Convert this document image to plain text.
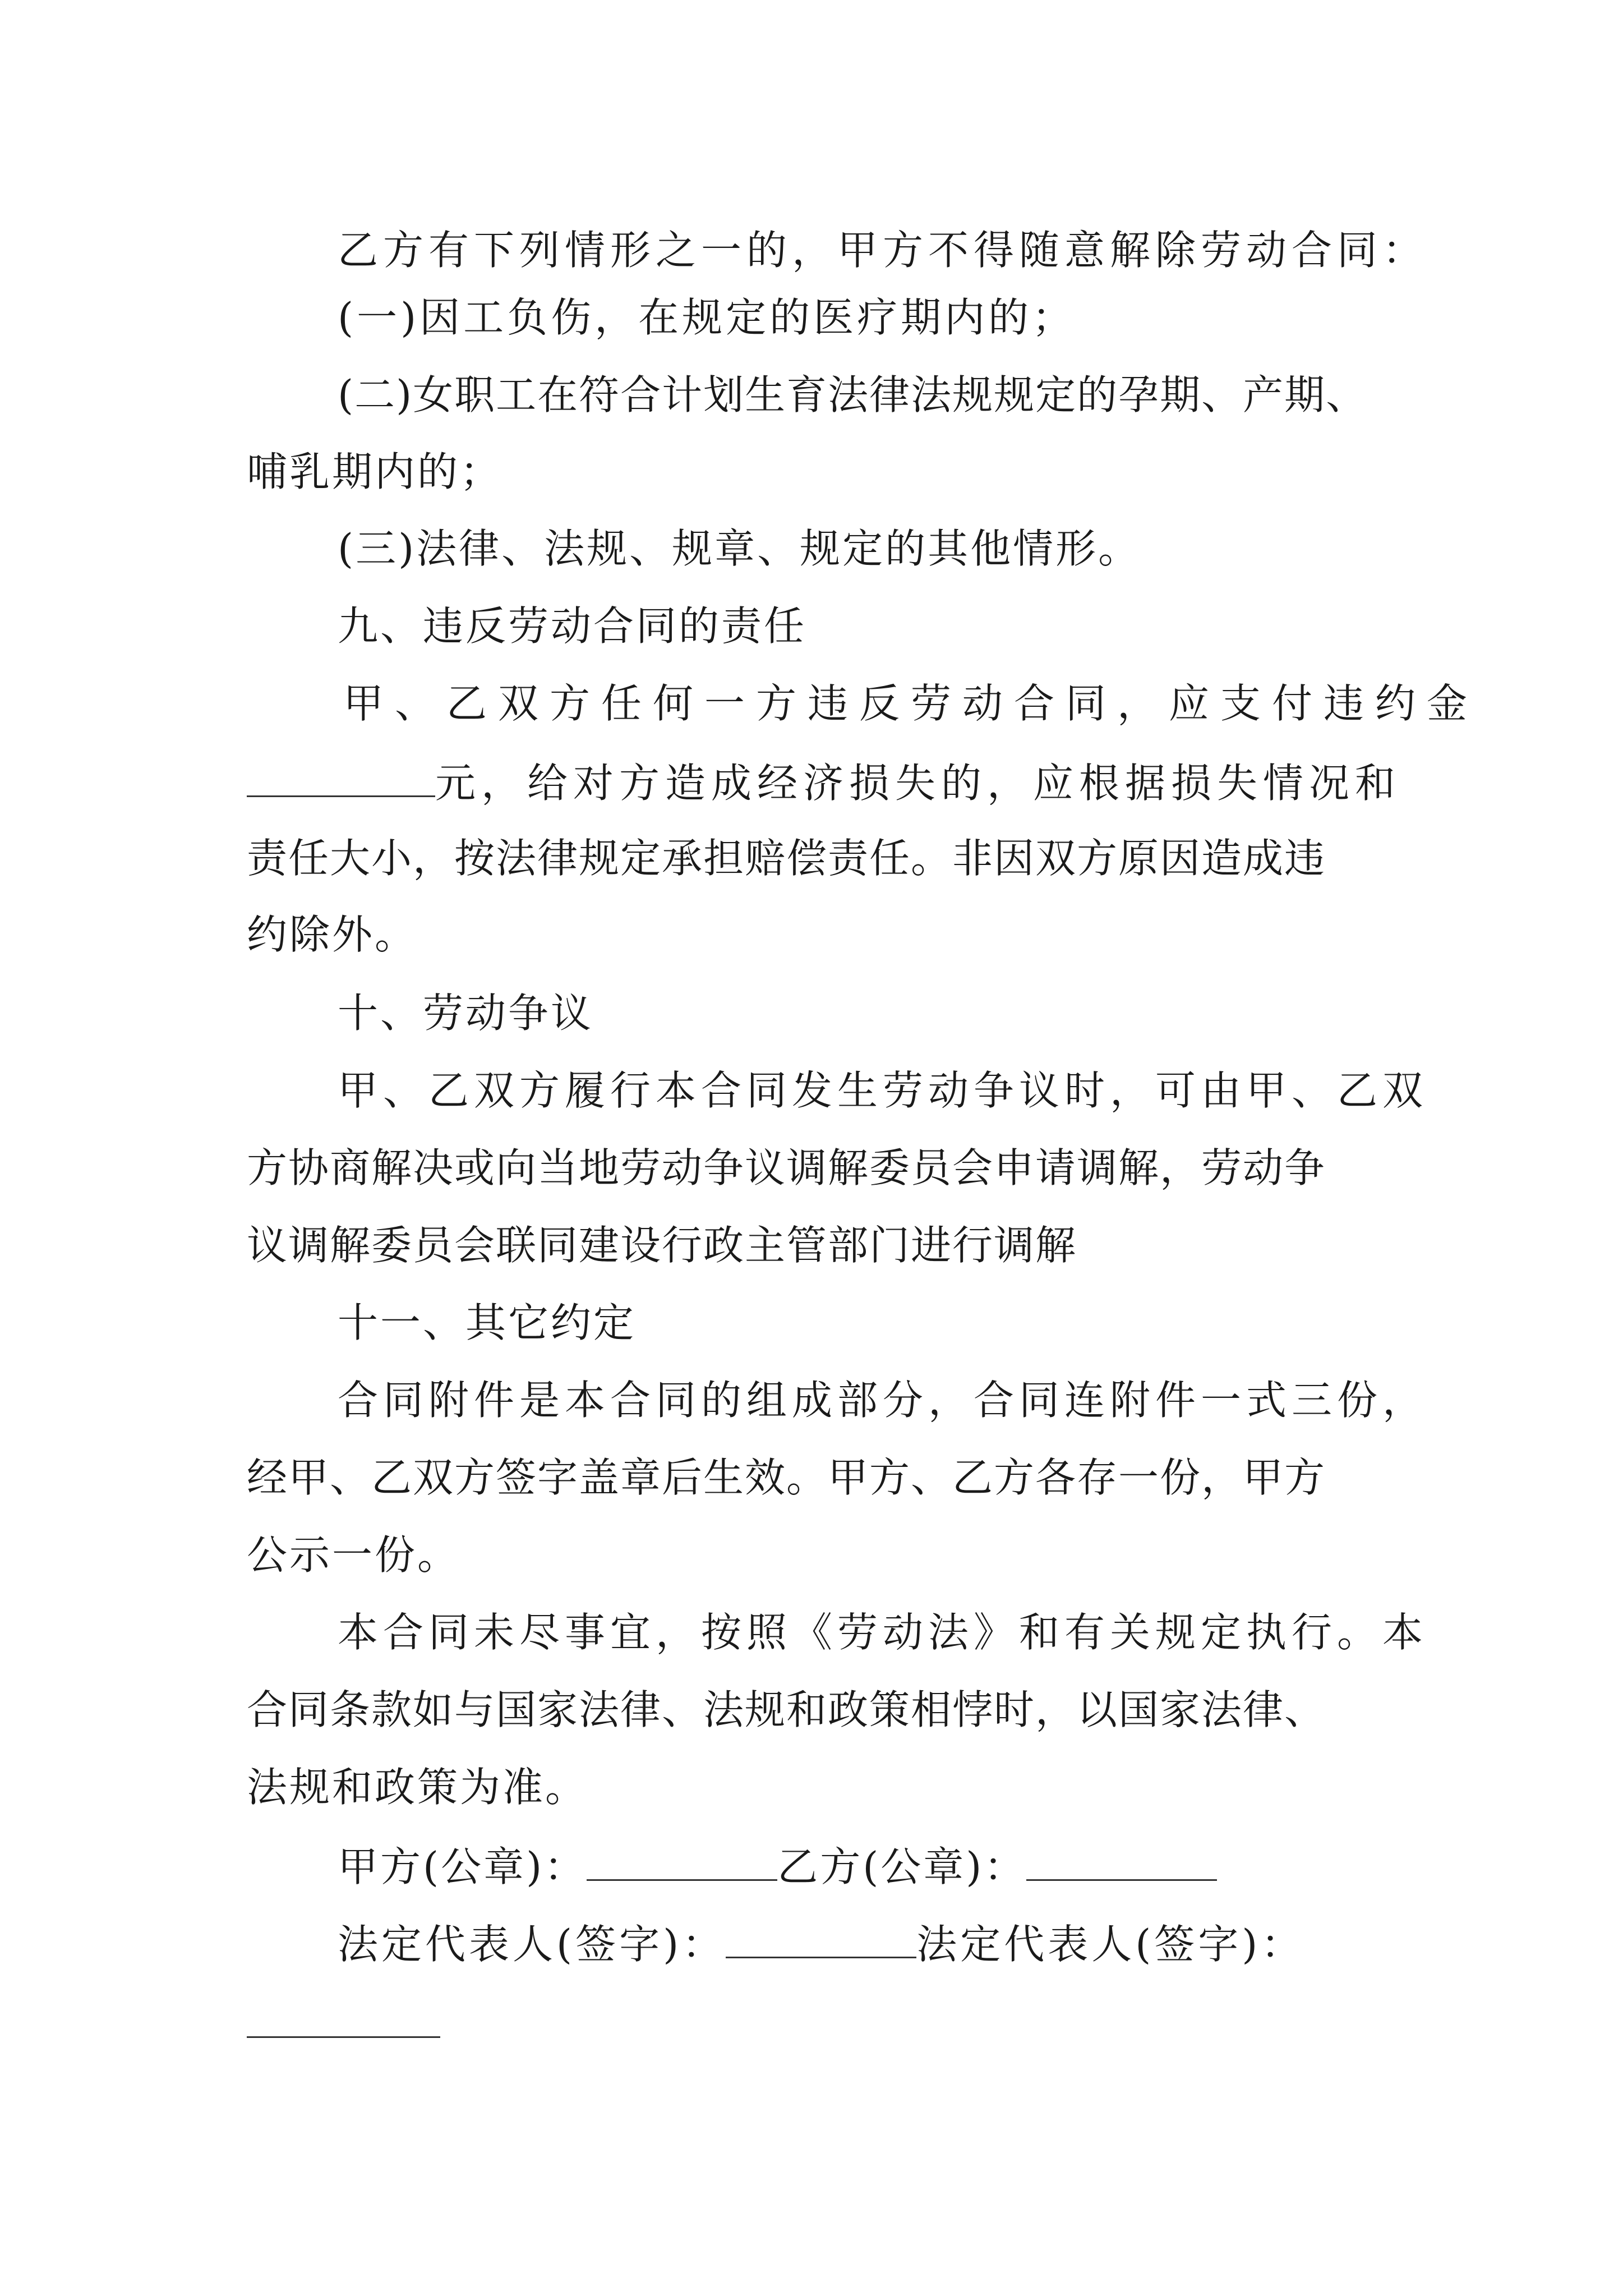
乙方有下列情形之一的，甲方不得随意解除劳动合同：
(一)因工负伤，在规定的医疗期内的；
(二)女职工在符合计划生育法律法规规定的孕期、产期、
哺乳期内的；
(三)法律、法规、规章、规定的其他情形。
九、违反劳动合同的责任
甲、乙双方任何一方违反劳动合同，应支付违约金
元，给对方造成经济损失的，应根据损失情况和
责任大小，按法律规定承担赔偿责任。非因双方原因造成违
约除外。
十、劳动争议
甲、乙双方履行本合同发生劳动争议时，可由甲、乙双
方协商解决或向当地劳动争议调解委员会申请调解，劳动争
议调解委员会联同建设行政主管部门进行调解
十一、其它约定
合同附件是本合同的组成部分，合同连附件一式三份，
经甲、乙双方签字盖章后生效。甲方、乙方各存一份，甲方
公示一份。
本合同未尽事宜，按照《劳动法》和有关规定执行。本
合同条款如与国家法律、法规和政策相悖时，以国家法律、
法规和政策为准。
甲方(公章)：	乙方(公章)：
法定代表人(签字)：	法定代表人(签字)：
